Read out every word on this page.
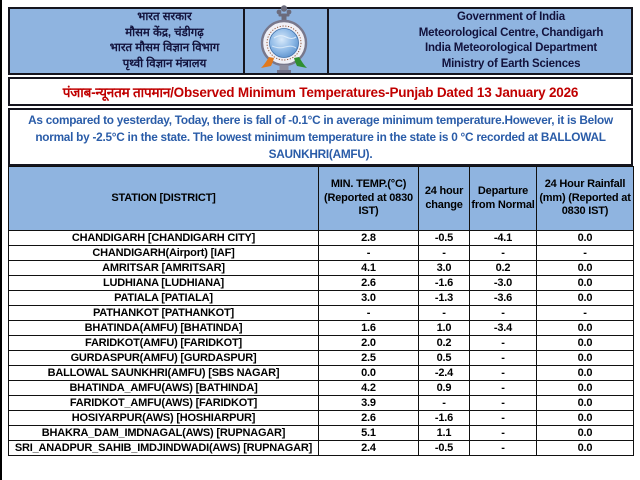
भारत सरकार
मौसम केंद्र, चंडीगढ़
भारत मौसम विज्ञान विभाग
पृथ्वी विज्ञान मंत्रालय
Government of India
Meteorological Centre, Chandigarh
India Meteorological Department
Ministry of Earth Sciences
पंजाब-न्यूनतम तापमान/Observed Minimum Temperatures-Punjab Dated 13 January 2026
As compared to yesterday, Today, there is fall of -0.1°C in average minimum temperature.However, it is Below normal by -2.5°C in the state. The lowest minimum temperature in the state is 0 °C recorded at BALLOWAL SAUNKHRI(AMFU).
STATION [DISTRICT]	MIN. TEMP.(°C) (Reported at 0830 IST)	24 hour change	Departure from Normal	24 Hour Rainfall (mm) (Reported at 0830 IST)
CHANDIGARH [CHANDIGARH CITY]	2.8	-0.5	-4.1	0.0
CHANDIGARH(Airport) [IAF]	-	-	-	-
AMRITSAR [AMRITSAR]	4.1	3.0	0.2	0.0
LUDHIANA [LUDHIANA]	2.6	-1.6	-3.0	0.0
PATIALA [PATIALA]	3.0	-1.3	-3.6	0.0
PATHANKOT [PATHANKOT]	-	-	-	-
BHATINDA(AMFU) [BHATINDA]	1.6	1.0	-3.4	0.0
FARIDKOT(AMFU) [FARIDKOT]	2.0	0.2	-	0.0
GURDASPUR(AMFU) [GURDASPUR]	2.5	0.5	-	0.0
BALLOWAL SAUNKHRI(AMFU) [SBS NAGAR]	0.0	-2.4	-	0.0
BHATINDA_AMFU(AWS) [BATHINDA]	4.2	0.9	-	0.0
FARIDKOT_AMFU(AWS) [FARIDKOT]	3.9	-	-	0.0
HOSIYARPUR(AWS) [HOSHIARPUR]	2.6	-1.6	-	0.0
BHAKRA_DAM_IMDNAGAL(AWS) [RUPNAGAR]	5.1	1.1	-	0.0
SRI_ANADPUR_SAHIB_IMDJINDWADI(AWS) [RUPNAGAR]	2.4	-0.5	-	0.0
